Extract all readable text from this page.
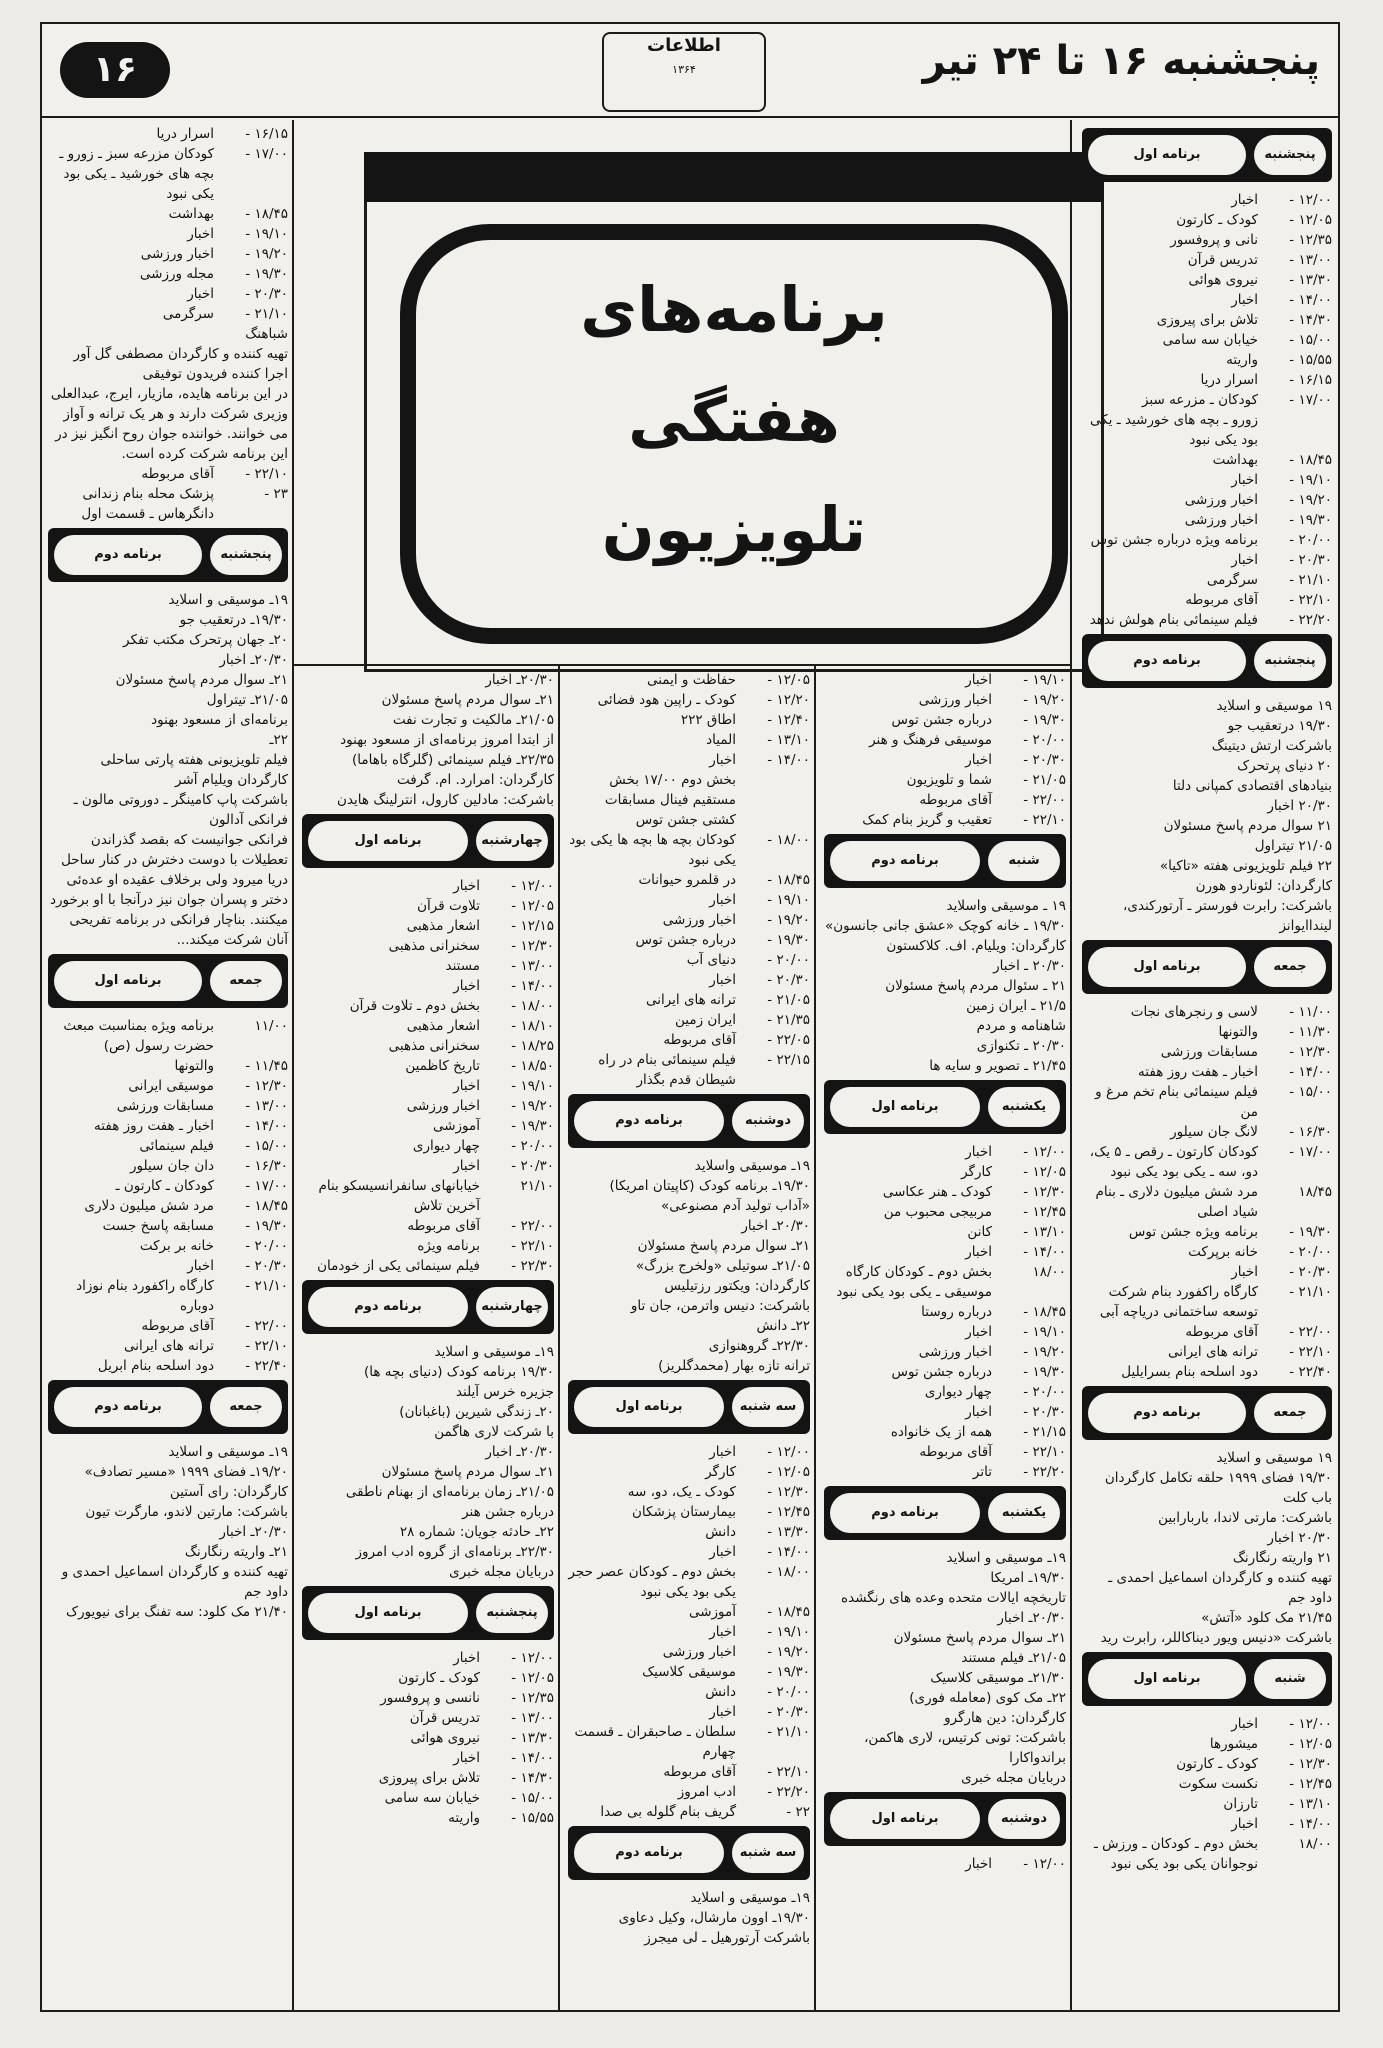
پنجشنبه ۱۶ تا ۲۴ تیر
اطلاعات
۱۳۶۴
۱۶
برنامه‌های
هفتگی
تلویزیون
پنجشنبه
برنامه اول
۱۲/۰۰ -
اخبار
۱۲/۰۵ -
کودک ـ کارتون
۱۲/۳۵ -
نانی و پروفسور
۱۳/۰۰ -
تدریس قرآن
۱۳/۳۰ -
نیروی هوائی
۱۴/۰۰ -
اخبار
۱۴/۳۰ -
تلاش برای پیروزی
۱۵/۰۰ -
خیابان سه سامی
۱۵/۵۵ -
واریته
۱۶/۱۵ -
اسرار دریا
۱۷/۰۰ -
کودکان ـ مزرعه سبز
زورو ـ بچه های خورشید ـ یکی بود یکی نبود
۱۸/۴۵ -
بهداشت
۱۹/۱۰ -
اخبار
۱۹/۲۰ -
اخبار ورزشی
۱۹/۳۰ -
اخبار ورزشی
۲۰/۰۰ -
برنامه ویژه درباره جشن توس
۲۰/۳۰ -
اخبار
۲۱/۱۰ -
سرگرمی
۲۲/۱۰ -
آقای مربوطه
۲۲/۲۰ -
فیلم سینمائی بنام هولش ندهد
پنجشنبه
برنامه دوم
۱۹ موسیقی و اسلاید
۱۹/۳۰ درتعقیب جو
باشرکت ارتش دیتینگ
۲۰ دنیای پرتحرک
بنیادهای اقتصادی کمپانی دلتا
۲۰/۳۰ اخبار
۲۱ سوال مردم پاسخ مسئولان
۲۱/۰۵ تیتراول
۲۲ فیلم تلویزیونی هفته «تاکیا»
کارگردان: لئوناردو هورن
باشرکت: رابرت فورستر ـ آرتورکندی، لینداایوانز
جمعه
برنامه اول
۱۱/۰۰ -
لاسی و رنجرهای نجات
۱۱/۳۰ -
والتونها
۱۲/۳۰ -
مسابقات ورزشی
۱۴/۰۰ -
اخبار ـ هفت روز هفته
۱۵/۰۰ -
فیلم سینمائی بنام تخم مرغ و من
۱۶/۳۰ -
لانگ جان سیلور
۱۷/۰۰ -
کودکان کارتون ـ رقص ـ ۵ یک، دو، سه ـ یکی بود یکی نبود
۱۸/۴۵
مرد شش میلیون دلاری ـ بنام شیاد اصلی
۱۹/۳۰ -
برنامه ویژه جشن توس
۲۰/۰۰ -
خانه برپرکت
۲۰/۳۰ -
اخبار
۲۱/۱۰ -
کارگاه راکفورد بنام شرکت توسعه ساختمانی دریاچه آبی
۲۲/۰۰ -
آقای مربوطه
۲۲/۱۰ -
ترانه های ایرانی
۲۲/۴۰ -
دود اسلحه بنام بسرایلیل
جمعه
برنامه دوم
۱۹ موسیقی و اسلاید
۱۹/۳۰ فضای ۱۹۹۹ حلقه تکامل کارگردان باب کلت
باشرکت: مارتی لاندا، باربارابین
۲۰/۳۰ اخبار
۲۱ واریته رنگارنگ
تهیه کننده و کارگردان اسماعیل احمدی ـ داود جم
۲۱/۴۵ مک کلود «آتش»
باشرکت «دنیس ویور دیناکاللر، رابرت رید
شنبه
برنامه اول
۱۲/۰۰ -
اخبار
۱۲/۰۵ -
میشورها
۱۲/۳۰ -
کودک ـ کارتون
۱۲/۴۵ -
نکست سکوت
۱۳/۱۰ -
تارزان
۱۴/۰۰ -
اخبار
۱۸/۰۰
بخش دوم ـ کودکان ـ ورزش ـ نوجوانان یکی بود یکی نبود
۱۹/۱۰ -
اخبار
۱۹/۲۰ -
اخبار ورزشی
۱۹/۳۰ -
درباره جشن توس
۲۰/۰۰ -
موسیقی فرهنگ و هنر
۲۰/۳۰ -
اخبار
۲۱/۰۵ -
شما و تلویزیون
۲۲/۰۰ -
آقای مربوطه
۲۲/۱۰ -
تعقیب و گریز بنام کمک
شنبه
برنامه دوم
۱۹ ـ موسیقی واسلاید
۱۹/۳۰ ـ خانه کوچک «عشق جانی جانسون»
کارگردان: ویلیام. اف. کلاکستون
۲۰/۳۰ ـ اخبار
۲۱ ـ سئوال مردم پاسخ مسئولان
۲۱/۵ ـ ایران زمین
شاهنامه و مردم
۲۰/۳۰ ـ تکنوازی
۲۱/۴۵ ـ تصویر و سایه ها
یکشنبه
برنامه اول
۱۲/۰۰ -
اخبار
۱۲/۰۵ -
کارگر
۱۲/۳۰ -
کودک ـ هنر عکاسی
۱۲/۴۵ -
مربیجی محبوب من
۱۳/۱۰ -
کانن
۱۴/۰۰ -
اخبار
۱۸/۰۰
بخش دوم ـ کودکان کارگاه موسیقی ـ یکی بود یکی نبود
۱۸/۴۵ -
درباره روستا
۱۹/۱۰ -
اخبار
۱۹/۲۰ -
اخبار ورزشی
۱۹/۳۰ -
درباره جشن توس
۲۰/۰۰ -
چهار دیواری
۲۰/۳۰ -
اخبار
۲۱/۱۵ -
همه از یک خانواده
۲۲/۱۰ -
آقای مربوطه
۲۲/۲۰ -
تاتر
یکشنبه
برنامه دوم
۱۹ـ موسیقی و اسلاید
۱۹/۳۰ـ امریکا
تاریخچه ایالات متحده وعده های رنگشده
۲۰/۳۰ـ اخبار
۲۱ـ سوال مردم پاسخ مسئولان
۲۱/۰۵ـ فیلم مستند
۲۱/۳۰ـ موسیقی کلاسیک
۲۲ـ مک کوی (معامله فوری)
کارگردان: دین هارگرو
باشرکت: تونی کرتیس، لاری هاکمن، براندواکارا
دربایان مجله خبری
دوشنبه
برنامه اول
۱۲/۰۰ -
اخبار
۱۲/۰۵ -
حفاظت و ایمنی
۱۲/۲۰ -
کودک ـ راپین هود فضائی
۱۲/۴۰ -
اطاق ۲۲۲
۱۳/۱۰ -
المیاد
۱۴/۰۰ -
اخبار
بخش دوم ۱۷/۰۰ بخش مستقیم فینال مسابقات کشتی جشن توس
۱۸/۰۰ -
کودکان بچه ها بچه ها یکی بود یکی نبود
۱۸/۴۵ -
در قلمرو حیوانات
۱۹/۱۰ -
اخبار
۱۹/۲۰ -
اخبار ورزشی
۱۹/۳۰ -
درباره جشن توس
۲۰/۰۰ -
دنیای آب
۲۰/۳۰ -
اخبار
۲۱/۰۵ -
ترانه های ایرانی
۲۱/۳۵ -
ایران زمین
۲۲/۰۵ -
آقای مربوطه
۲۲/۱۵ -
فیلم سینمائی بنام در راه شیطان قدم بگذار
دوشنبه
برنامه دوم
۱۹ـ موسیقی واسلاید
۱۹/۳۰ـ برنامه کودک (کاپیتان امریکا)
«آداب تولید آدم مصنوعی»
۲۰/۳۰ـ اخبار
۲۱ـ سوال مردم پاسخ مسئولان
۲۱/۰۵ـ سوتیلی «ولخرج بزرگ»
کارگردان: ویکتور رزتیلیس
باشرکت: دنیس واترمن، جان تاو
۲۲ـ دانش
۲۲/۳۰ـ گروهنوازی
ترانه تازه بهار (محمدگلریز)
سه شنبه
برنامه اول
۱۲/۰۰ -
اخبار
۱۲/۰۵ -
کارگر
۱۲/۳۰ -
کودک ـ یک، دو، سه
۱۲/۴۵ -
بیمارستان پزشکان
۱۳/۳۰ -
دانش
۱۴/۰۰ -
اخبار
۱۸/۰۰ -
بخش دوم ـ کودکان عصر حجر یکی بود یکی نبود
۱۸/۴۵ -
آموزشی
۱۹/۱۰ -
اخبار
۱۹/۲۰ -
اخبار ورزشی
۱۹/۳۰ -
موسیقی کلاسیک
۲۰/۰۰ -
دانش
۲۰/۳۰ -
اخبار
۲۱/۱۰ -
سلطان ـ صاحبقران ـ قسمت چهارم
۲۲/۱۰ -
آقای مربوطه
۲۲/۲۰ -
ادب امروز
۲۲ -
گریف بنام گلوله بی صدا
سه شنبه
برنامه دوم
۱۹ـ موسیقی و اسلاید
۱۹/۳۰ـ اوون مارشال، وکیل دعاوی
باشرکت آرتورهیل ـ لی میجرز
۲۰/۳۰ـ اخبار
۲۱ـ سوال مردم پاسخ مسئولان
۲۱/۰۵ـ مالکیت و تجارت نفت
از ابتدا امروز برنامه‌ای از مسعود بهنود
۲۲/۳۵ـ فیلم سینمائی (گلرگاه باهاما)
کارگردان: امرارد. ام. گرفت
باشرکت: مادلین کارول، انترلینگ هایدن
چهارشنبه
برنامه اول
۱۲/۰۰ -
اخبار
۱۲/۰۵ -
تلاوت قرآن
۱۲/۱۵ -
اشعار مذهبی
۱۲/۳۰ -
سخنرانی مذهبی
۱۳/۰۰ -
مستند
۱۴/۰۰ -
اخبار
۱۸/۰۰ -
بخش دوم ـ تلاوت قرآن
۱۸/۱۰ -
اشعار مذهبی
۱۸/۲۵ -
سخنرانی مذهبی
۱۸/۵۰ -
تاریخ کاظمین
۱۹/۱۰ -
اخبار
۱۹/۲۰ -
اخبار ورزشی
۱۹/۳۰ -
آموزشی
۲۰/۰۰ -
چهار دیواری
۲۰/۳۰ -
اخبار
۲۱/۱۰
خیابانهای سانفرانسیسکو بنام آخرین تلاش
۲۲/۰۰ -
آقای مربوطه
۲۲/۱۰ -
برنامه ویژه
۲۲/۳۰ -
فیلم سینمائی یکی از خودمان
چهارشنبه
برنامه دوم
۱۹ـ موسیقی و اسلاید
۱۹/۳۰ برنامه کودک (دنیای بچه ها)
جزیره خرس آیلند
۲۰ـ زندگی شیرین (باغبانان)
با شرکت لاری هاگمن
۲۰/۳۰ـ اخبار
۲۱ـ سوال مردم پاسخ مسئولان
۲۱/۰۵ـ زمان برنامه‌ای از بهنام ناطقی
درباره جشن هنر
۲۲ـ حادثه جویان: شماره ۲۸
۲۲/۳۰ـ برنامه‌ای از گروه ادب امروز
دربایان مجله خبری
پنجشنبه
برنامه اول
۱۲/۰۰ -
اخبار
۱۲/۰۵ -
کودک ـ کارتون
۱۲/۳۵ -
نانسی و پروفسور
۱۳/۰۰ -
تدریس قرآن
۱۳/۳۰ -
نیروی هوائی
۱۴/۰۰ -
اخبار
۱۴/۳۰ -
تلاش برای پیروزی
۱۵/۰۰ -
خیابان سه سامی
۱۵/۵۵ -
واریته
۱۶/۱۵ -
اسرار دریا
۱۷/۰۰ -
کودکان مزرعه سبز ـ زورو ـ بچه های خورشید ـ یکی بود یکی نبود
۱۸/۴۵ -
بهداشت
۱۹/۱۰ -
اخبار
۱۹/۲۰ -
اخبار ورزشی
۱۹/۳۰ -
مجله ورزشی
۲۰/۳۰ -
اخبار
۲۱/۱۰ -
سرگرمی
شباهنگ
تهیه کننده و کارگردان مصطفی گل آور
اجرا کننده فریدون توفیقی
در این برنامه هایده، مازیار، ایرج، عبدالعلی وزیری شرکت دارند و هر یک ترانه و آواز می خوانند. خواننده جوان روح انگیز نیز در این برنامه شرکت کرده است.
۲۲/۱۰ -
آقای مربوطه
۲۳ -
پزشک محله بنام زندانی دانگرهاس ـ قسمت اول
پنجشنبه
برنامه دوم
۱۹ـ موسیقی و اسلاید
۱۹/۳۰ـ درتعقیب جو
۲۰ـ جهان پرتحرک مکتب تفکر
۲۰/۳۰ـ اخبار
۲۱ـ سوال مردم پاسخ مسئولان
۲۱/۰۵ـ تیتراول
برنامه‌ای از مسعود بهنود
۲۲ـ
فیلم تلویزیونی هفته پارتی ساحلی
کارگردان ویلیام آشر
باشرکت پاپ کامینگر ـ دوروتی مالون ـ فرانکی آدالون
فرانکی جوانیست که بقصد گذراندن تعطیلات با دوست دخترش در کنار ساحل دریا میرود ولی برخلاف عقیده او عده‌ئی دختر و پسران جوان نیز درآنجا با او برخورد میکنند. بناچار فرانکی در برنامه تفریحی آنان شرکت میکند...
جمعه
برنامه اول
۱۱/۰۰
برنامه ویژه بمناسبت مبعث حضرت رسول (ص)
۱۱/۴۵ -
والتونها
۱۲/۳۰ -
موسیقی ایرانی
۱۳/۰۰ -
مسابقات ورزشی
۱۴/۰۰ -
اخبار ـ هفت روز هفته
۱۵/۰۰ -
فیلم سینمائی
۱۶/۳۰ -
دان جان سیلور
۱۷/۰۰ -
کودکان ـ کارتون ـ
۱۸/۴۵ -
مرد شش میلیون دلاری
۱۹/۳۰ -
مسابقه پاسخ جست
۲۰/۰۰ -
خانه بر برکت
۲۰/۳۰ -
اخبار
۲۱/۱۰ -
کارگاه راکفورد بنام نوزاد دوباره
۲۲/۰۰ -
آقای مربوطه
۲۲/۱۰ -
ترانه های ایرانی
۲۲/۴۰ -
دود اسلحه بنام ابریل
جمعه
برنامه دوم
۱۹ـ موسیقی و اسلاید
۱۹/۲۰ـ فضای ۱۹۹۹ «مسیر تصادف»
کارگردان: رای آستین
باشرکت: مارتین لاندو، مارگرت تیون
۲۰/۳۰ـ اخبار
۲۱ـ واریته رنگارنگ
تهیه کننده و کارگردان اسماعیل احمدی و داود جم
۲۱/۴۰ مک کلود: سه تفنگ برای نیویورک
